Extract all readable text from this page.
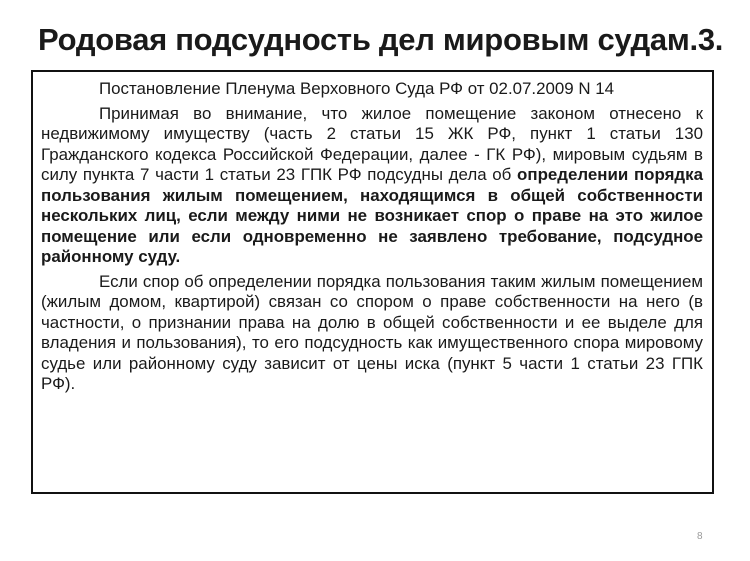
Родовая подсудность дел мировым судам.3.

Постановление Пленума Верховного Суда РФ от 02.07.2009 N 14

Принимая во внимание, что жилое помещение законом отнесено к недвижимому имуществу (часть 2 статьи 15 ЖК РФ, пункт 1 статьи 130 Гражданского кодекса Российской Федерации, далее - ГК РФ), мировым судьям в силу пункта 7 части 1 статьи 23 ГПК РФ подсудны дела об определении порядка пользования жилым помещением, находящимся в общей собственности нескольких лиц, если между ними не возникает спор о праве на это жилое помещение или если одновременно не заявлено требование, подсудное районному суду.

Если спор об определении порядка пользования таким жилым помещением (жилым домом, квартирой) связан со спором о праве собственности на него (в частности, о признании права на долю в общей собственности и ее выделе для владения и пользования), то его подсудность как имущественного спора мировому судье или районному суду зависит от цены иска (пункт 5 части 1 статьи 23 ГПК РФ).

8
